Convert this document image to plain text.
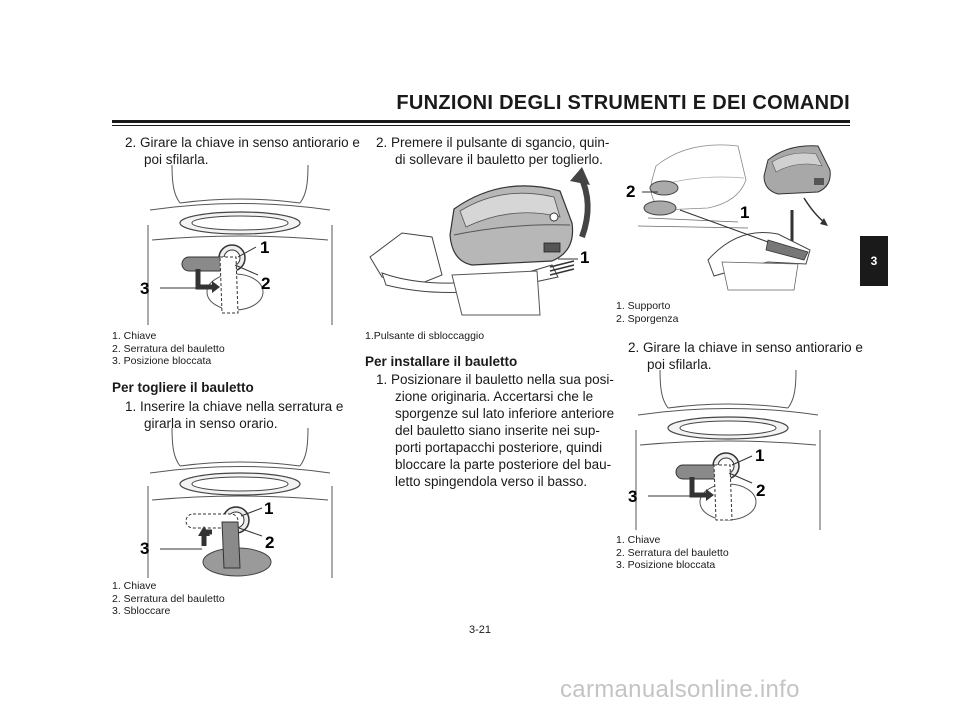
FUNZIONI DEGLI STRUMENTI E DEI COMANDI
3
2. Girare la chiave in senso antiorario e
poi sfilarla.
1
2
3
1. Chiave
2. Serratura del bauletto
3. Posizione bloccata
Per togliere il bauletto
1. Inserire la chiave nella serratura e
girarla in senso orario.
1
2
3
1. Chiave
2. Serratura del bauletto
3. Sbloccare
2. Premere il pulsante di sgancio, quin-
di sollevare il bauletto per toglierlo.
1
1.Pulsante di sbloccaggio
Per installare il bauletto
1. Posizionare il bauletto nella sua posi-
zione originaria. Accertarsi che le
sporgenze sul lato inferiore anteriore
del bauletto siano inserite nei sup-
porti portapacchi posteriore, quindi
bloccare la parte posteriore del bau-
letto spingendola verso il basso.
2
1
1. Supporto
2. Sporgenza
2. Girare la chiave in senso antiorario e
poi sfilarla.
1
2
3
1. Chiave
2. Serratura del bauletto
3. Posizione bloccata
3-21
carmanualsonline.info
